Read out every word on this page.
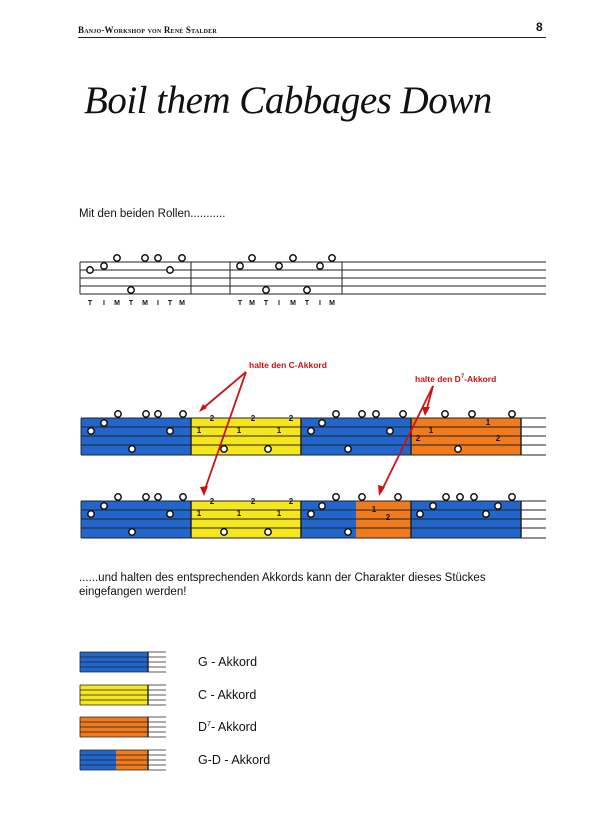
Banjo-Workshop von René Stalder	8
Boil them Cabbages Down
Mit den beiden Rollen...........
T I M T M I T M	T M T I M T I M
1
2
1
2
1
2
2
1
1
2
1
2
1
2
1
2
1
2
halte den C-Akkord
halte den $D^7$-Akkord
......und halten des entsprechenden Akkords kann der Charakter dieses Stückes eingefangen werden!
G - Akkord
C - Akkord
$D^7-$ Akkord
G-D - Akkord
